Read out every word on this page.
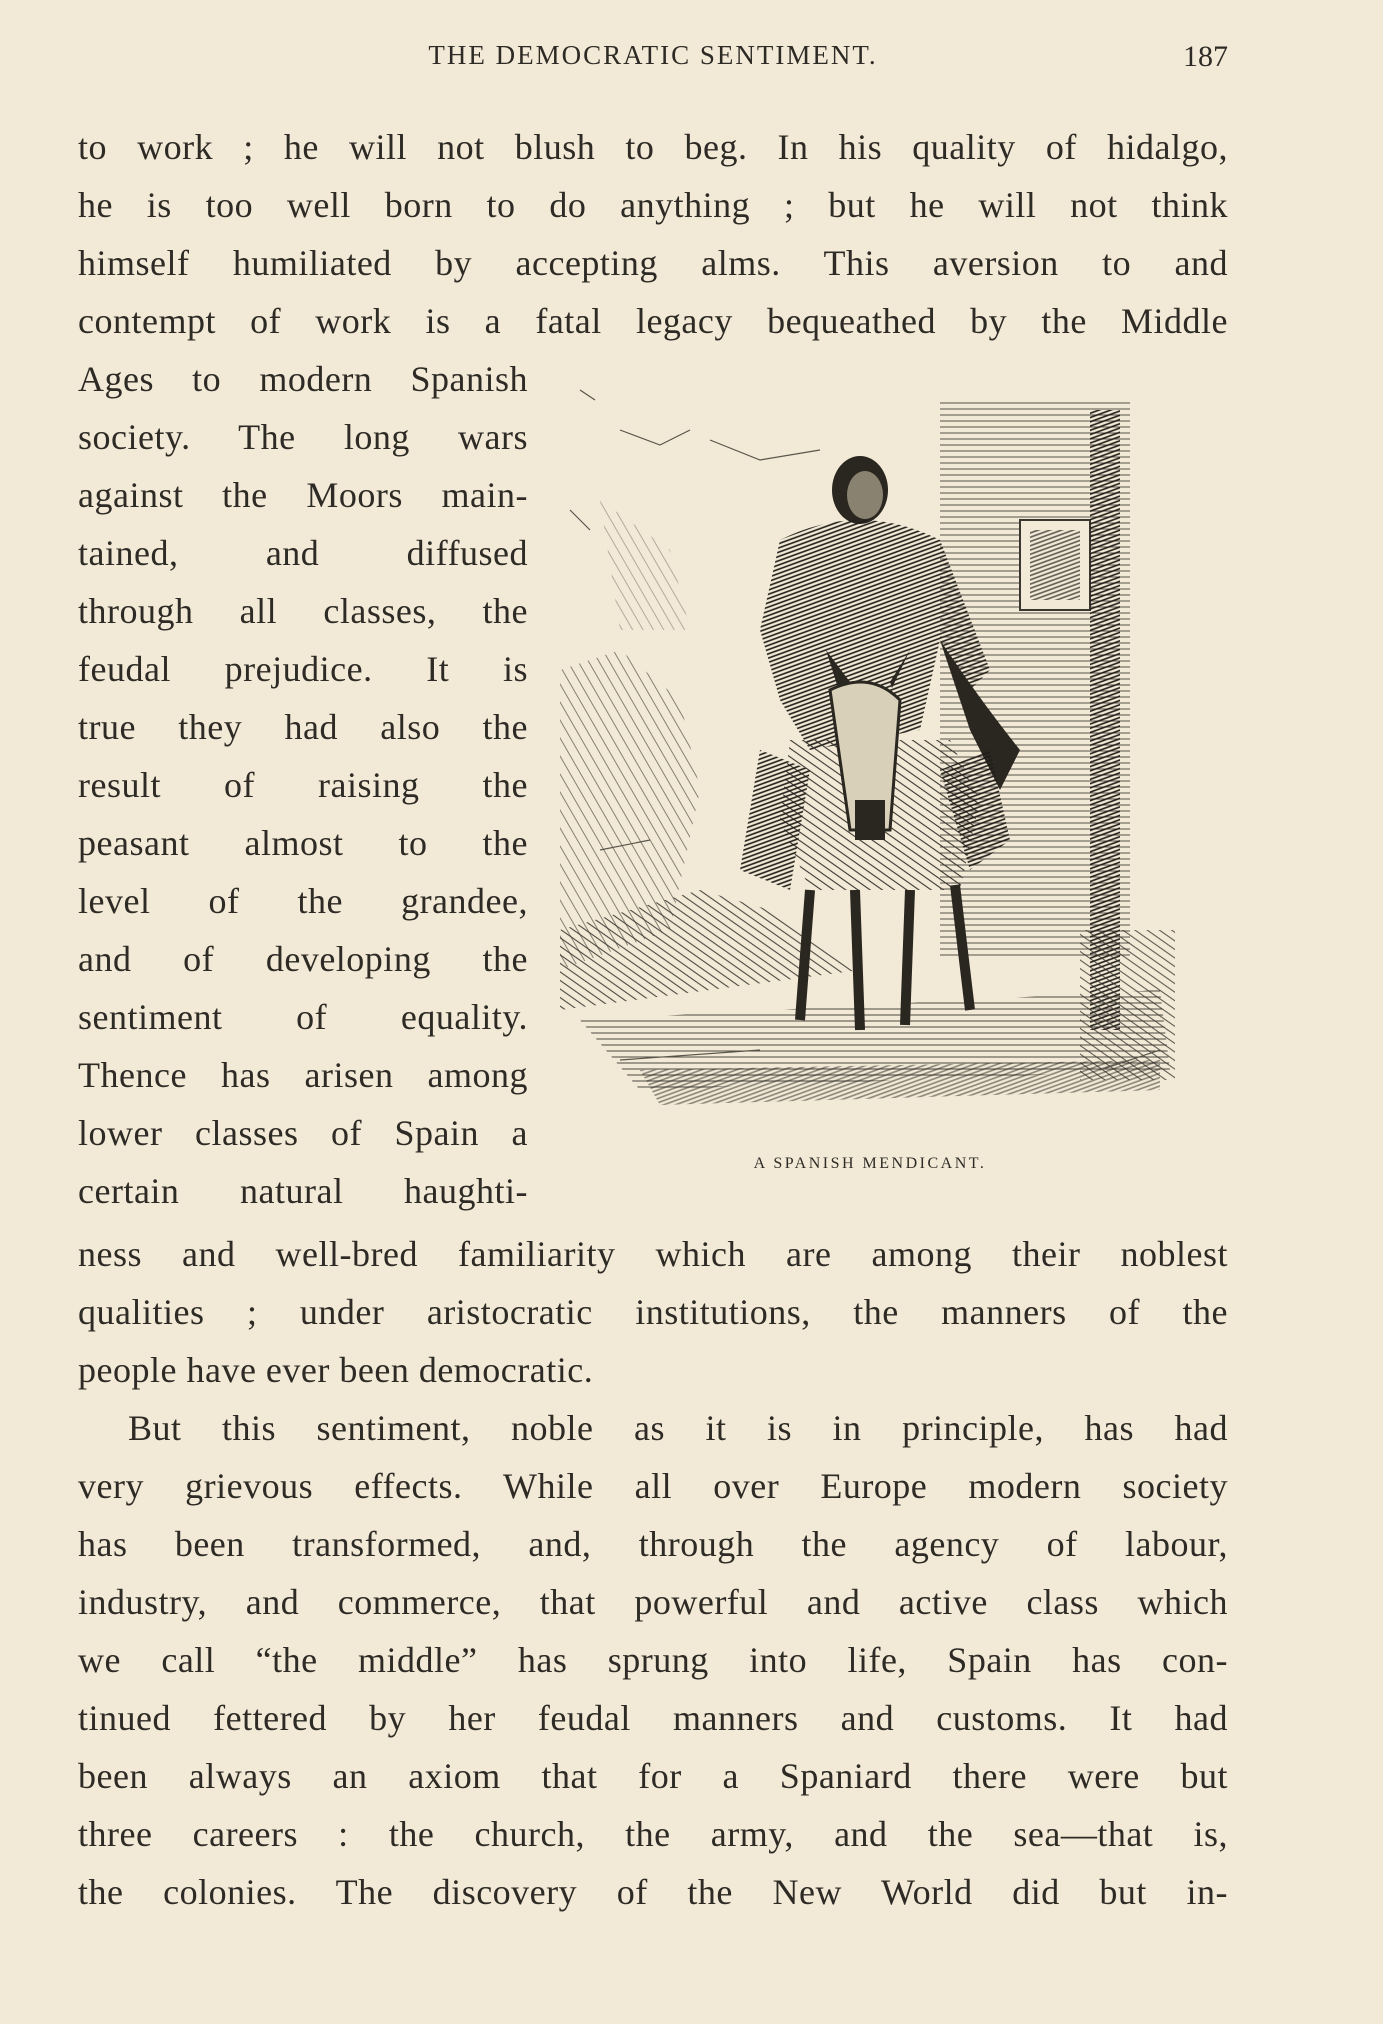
THE DEMOCRATIC SENTIMENT.	187
to work ; he will not blush to beg. In his quality of hidalgo,
he is too well born to do anything ; but he will not think
himself humiliated by accepting alms. This aversion to and
contempt of work is a fatal legacy bequeathed by the Middle
Ages to modern Spanish
society. The long wars
against the Moors main-
tained, and diffused
through all classes, the
feudal prejudice. It is
true they had also the
result of raising the
peasant almost to the
level of the grandee,
and of developing the
sentiment of equality.
Thence has arisen among
lower classes of Spain a
certain natural haughti-
A SPANISH MENDICANT.
ness and well-bred familiarity which are among their noblest
qualities ; under aristocratic institutions, the manners of the
people have ever been democratic.
But this sentiment, noble as it is in principle, has had
very grievous effects. While all over Europe modern society
has been transformed, and, through the agency of labour,
industry, and commerce, that powerful and active class which
we call “the middle” has sprung into life, Spain has con-
tinued fettered by her feudal manners and customs. It had
been always an axiom that for a Spaniard there were but
three careers : the church, the army, and the sea—that is,
the colonies. The discovery of the New World did but in-
